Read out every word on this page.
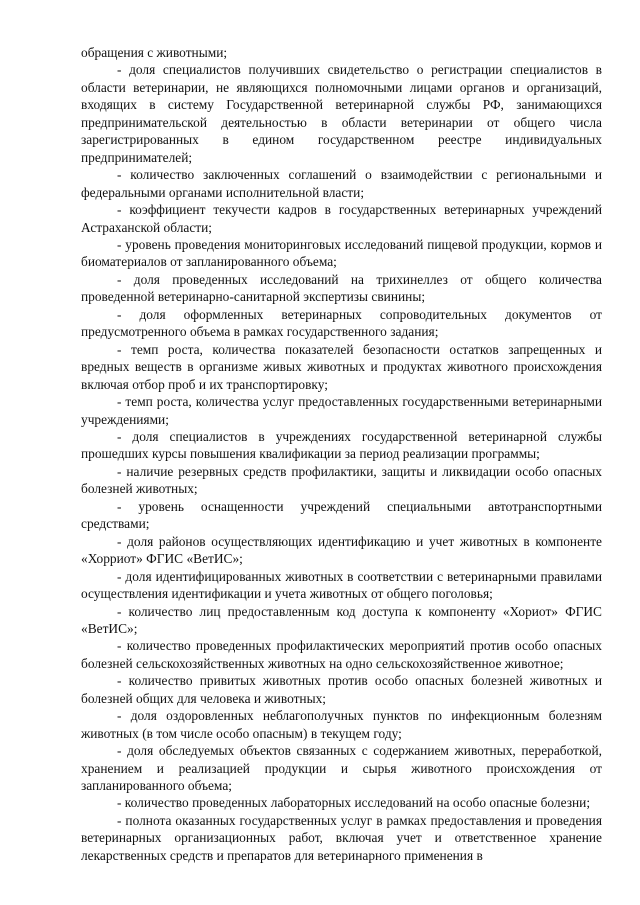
обращения с животными;

- доля специалистов получивших свидетельство о регистрации специалистов в области ветеринарии, не являющихся полномочными лицами органов и организаций, входящих в систему Государственной ветеринарной службы РФ, занимающихся предпринимательской деятельностью в области ветеринарии от общего числа зарегистрированных в едином государственном реестре индивидуальных предпринимателей;

- количество заключенных соглашений о взаимодействии с региональными и федеральными органами исполнительной власти;

- коэффициент текучести кадров в государственных ветеринарных учреждений Астраханской области;

- уровень проведения мониторинговых исследований пищевой продукции, кормов и биоматериалов от запланированного объема;

- доля проведенных исследований на трихинеллез от общего количества проведенной ветеринарно-санитарной экспертизы свинины;

- доля оформленных ветеринарных сопроводительных документов от предусмотренного объема в рамках государственного задания;

- темп роста, количества показателей безопасности остатков запрещенных и вредных веществ в организме живых животных и продуктах животного происхождения включая отбор проб и их транспортировку;

- темп роста, количества услуг предоставленных государственными ветеринарными учреждениями;

- доля специалистов в учреждениях государственной ветеринарной службы прошедших курсы повышения квалификации за период реализации программы;

- наличие резервных средств профилактики, защиты и ликвидации особо опасных болезней животных;

- уровень оснащенности учреждений специальными автотранспортными средствами;

- доля районов осуществляющих идентификацию и учет животных в компоненте «Хорриот» ФГИС «ВетИС»;

- доля идентифицированных животных в соответствии с ветеринарными правилами осуществления идентификации и учета животных от общего поголовья;

- количество лиц предоставленным код доступа к компоненту «Хориот» ФГИС «ВетИС»;

- количество проведенных профилактических мероприятий против особо опасных болезней сельскохозяйственных животных на одно сельскохозяйственное животное;

- количество привитых животных против особо опасных болезней животных и болезней общих для человека и животных;

- доля оздоровленных неблагополучных пунктов по инфекционным болезням животных (в том числе особо опасным) в текущем году;

- доля обследуемых объектов связанных с содержанием животных, переработкой, хранением и реализацией продукции и сырья животного происхождения от запланированного объема;

- количество проведенных лабораторных исследований на особо опасные болезни;

- полнота оказанных государственных услуг в рамках предоставления и проведения ветеринарных организационных работ, включая учет и ответственное хранение лекарственных средств и препаратов для ветеринарного применения в
